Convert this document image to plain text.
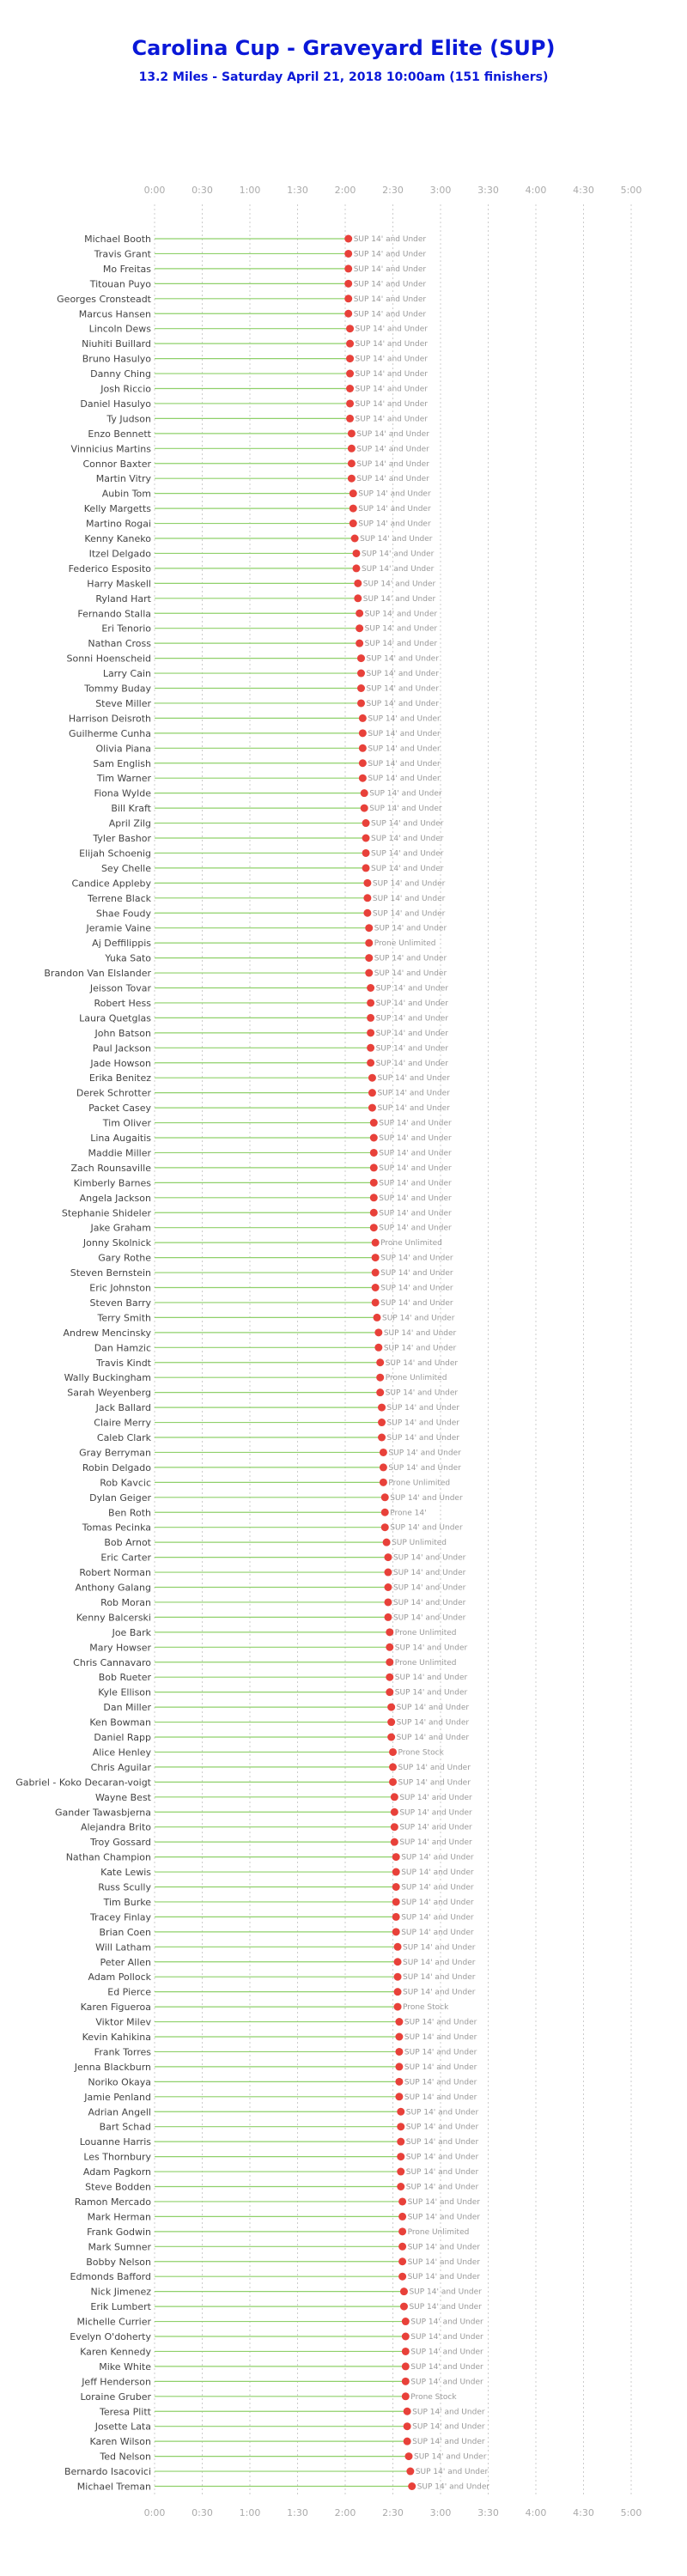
Carolina Cup - Graveyard Elite (SUP)
13.2 Miles - Saturday April 21, 2018 10:00am (151 finishers)
0:00
0:00
0:30
0:30
1:00
1:00
1:30
1:30
2:00
2:00
2:30
2:30
3:00
3:00
3:30
3:30
4:00
4:00
4:30
4:30
5:00
5:00
Michael Booth	SUP 14' and Under
Travis Grant	SUP 14' and Under
Mo Freitas	SUP 14' and Under
Titouan Puyo	SUP 14' and Under
Georges Cronsteadt	SUP 14' and Under
Marcus Hansen	SUP 14' and Under
Lincoln Dews	SUP 14' and Under
Niuhiti Buillard	SUP 14' and Under
Bruno Hasulyo	SUP 14' and Under
Danny Ching	SUP 14' and Under
Josh Riccio	SUP 14' and Under
Daniel Hasulyo	SUP 14' and Under
Ty Judson	SUP 14' and Under
Enzo Bennett	SUP 14' and Under
Vinnicius Martins	SUP 14' and Under
Connor Baxter	SUP 14' and Under
Martin Vitry	SUP 14' and Under
Aubin Tom	SUP 14' and Under
Kelly Margetts	SUP 14' and Under
Martino Rogai	SUP 14' and Under
Kenny Kaneko	SUP 14' and Under
Itzel Delgado	SUP 14' and Under
Federico Esposito	SUP 14' and Under
Harry Maskell	SUP 14' and Under
Ryland Hart	SUP 14' and Under
Fernando Stalla	SUP 14' and Under
Eri Tenorio	SUP 14' and Under
Nathan Cross	SUP 14' and Under
Sonni Hoenscheid	SUP 14' and Under
Larry Cain	SUP 14' and Under
Tommy Buday	SUP 14' and Under
Steve Miller	SUP 14' and Under
Harrison Deisroth	SUP 14' and Under
Guilherme Cunha	SUP 14' and Under
Olivia Piana	SUP 14' and Under
Sam English	SUP 14' and Under
Tim Warner	SUP 14' and Under
Fiona Wylde	SUP 14' and Under
Bill Kraft	SUP 14' and Under
April Zilg	SUP 14' and Under
Tyler Bashor	SUP 14' and Under
Elijah Schoenig	SUP 14' and Under
Sey Chelle	SUP 14' and Under
Candice Appleby	SUP 14' and Under
Terrene Black	SUP 14' and Under
Shae Foudy	SUP 14' and Under
Jeramie Vaine	SUP 14' and Under
Aj Deffilippis	Prone Unlimited
Yuka Sato	SUP 14' and Under
Brandon Van Elslander	SUP 14' and Under
Jeisson Tovar	SUP 14' and Under
Robert Hess	SUP 14' and Under
Laura Quetglas	SUP 14' and Under
John Batson	SUP 14' and Under
Paul Jackson	SUP 14' and Under
Jade Howson	SUP 14' and Under
Erika Benitez	SUP 14' and Under
Derek Schrotter	SUP 14' and Under
Packet Casey	SUP 14' and Under
Tim Oliver	SUP 14' and Under
Lina Augaitis	SUP 14' and Under
Maddie Miller	SUP 14' and Under
Zach Rounsaville	SUP 14' and Under
Kimberly Barnes	SUP 14' and Under
Angela Jackson	SUP 14' and Under
Stephanie Shideler	SUP 14' and Under
Jake Graham	SUP 14' and Under
Jonny Skolnick	Prone Unlimited
Gary Rothe	SUP 14' and Under
Steven Bernstein	SUP 14' and Under
Eric Johnston	SUP 14' and Under
Steven Barry	SUP 14' and Under
Terry Smith	SUP 14' and Under
Andrew Mencinsky	SUP 14' and Under
Dan Hamzic	SUP 14' and Under
Travis Kindt	SUP 14' and Under
Wally Buckingham	Prone Unlimited
Sarah Weyenberg	SUP 14' and Under
Jack Ballard	SUP 14' and Under
Claire Merry	SUP 14' and Under
Caleb Clark	SUP 14' and Under
Gray Berryman	SUP 14' and Under
Robin Delgado	SUP 14' and Under
Rob Kavcic	Prone Unlimited
Dylan Geiger	SUP 14' and Under
Ben Roth	Prone 14'
Tomas Pecinka	SUP 14' and Under
Bob Arnot	SUP Unlimited
Eric Carter	SUP 14' and Under
Robert Norman	SUP 14' and Under
Anthony Galang	SUP 14' and Under
Rob Moran	SUP 14' and Under
Kenny Balcerski	SUP 14' and Under
Joe Bark	Prone Unlimited
Mary Howser	SUP 14' and Under
Chris Cannavaro	Prone Unlimited
Bob Rueter	SUP 14' and Under
Kyle Ellison	SUP 14' and Under
Dan Miller	SUP 14' and Under
Ken Bowman	SUP 14' and Under
Daniel Rapp	SUP 14' and Under
Alice Henley	Prone Stock
Chris Aguilar	SUP 14' and Under
Gabriel - Koko Decaran-voigt	SUP 14' and Under
Wayne Best	SUP 14' and Under
Gander Tawasbjerna	SUP 14' and Under
Alejandra Brito	SUP 14' and Under
Troy Gossard	SUP 14' and Under
Nathan Champion	SUP 14' and Under
Kate Lewis	SUP 14' and Under
Russ Scully	SUP 14' and Under
Tim Burke	SUP 14' and Under
Tracey Finlay	SUP 14' and Under
Brian Coen	SUP 14' and Under
Will Latham	SUP 14' and Under
Peter Allen	SUP 14' and Under
Adam Pollock	SUP 14' and Under
Ed Pierce	SUP 14' and Under
Karen Figueroa	Prone Stock
Viktor Milev	SUP 14' and Under
Kevin Kahikina	SUP 14' and Under
Frank Torres	SUP 14' and Under
Jenna Blackburn	SUP 14' and Under
Noriko Okaya	SUP 14' and Under
Jamie Penland	SUP 14' and Under
Adrian Angell	SUP 14' and Under
Bart Schad	SUP 14' and Under
Louanne Harris	SUP 14' and Under
Les Thornbury	SUP 14' and Under
Adam Pagkorn	SUP 14' and Under
Steve Bodden	SUP 14' and Under
Ramon Mercado	SUP 14' and Under
Mark Herman	SUP 14' and Under
Frank Godwin	Prone Unlimited
Mark Sumner	SUP 14' and Under
Bobby Nelson	SUP 14' and Under
Edmonds Bafford	SUP 14' and Under
Nick Jimenez	SUP 14' and Under
Erik Lumbert	SUP 14' and Under
Michelle Currier	SUP 14' and Under
Evelyn O'doherty	SUP 14' and Under
Karen Kennedy	SUP 14' and Under
Mike White	SUP 14' and Under
Jeff Henderson	SUP 14' and Under
Loraine Gruber	Prone Stock
Teresa Plitt	SUP 14' and Under
Josette Lata	SUP 14' and Under
Karen Wilson	SUP 14' and Under
Ted Nelson	SUP 14' and Under
Bernardo Isacovici	SUP 14' and Under
Michael Treman	SUP 14' and Under
